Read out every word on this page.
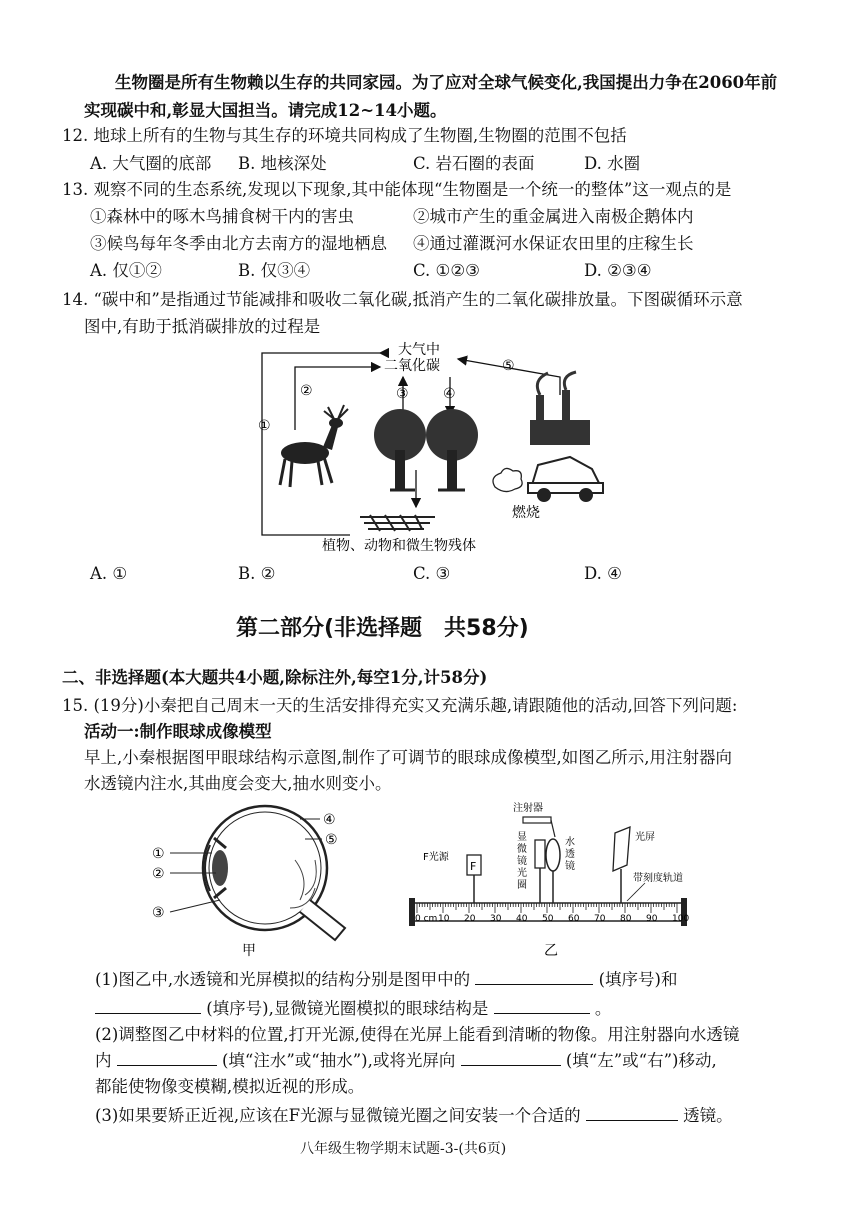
生物圈是所有生物赖以生存的共同家园。为了应对全球气候变化,我国提出力争在2060年前
实现碳中和,彰显大国担当。请完成12~14小题。
12. 地球上所有的生物与其生存的环境共同构成了生物圈,生物圈的范围不包括
A. 大气圈的底部 B. 地核深处	C. 岩石圈的表面	D. 水圈
13. 观察不同的生态系统,发现以下现象,其中能体现“生物圈是一个统一的整体”这一观点的是
①森林中的啄木鸟捕食树干内的害虫	②城市产生的重金属进入南极企鹅体内
③候鸟每年冬季由北方去南方的湿地栖息 ④通过灌溉河水保证农田里的庄稼生长
A. 仅①②	B. 仅③④	C. ①②③	D. ②③④
14. “碳中和”是指通过节能减排和吸收二氧化碳,抵消产生的二氧化碳排放量。下图碳循环示意
图中,有助于抵消碳排放的过程是
大气中
二氧化碳
①
②	③ ④
⑤
植物、动物和微生物残体
燃烧
A. ①	B. ②	C. ③	D. ④
第二部分(非选择题　共58分)
二、非选择题(本大题共4小题,除标注外,每空1分,计58分)
15. (19分)小秦把自己周末一天的生活安排得充实又充满乐趣,请跟随他的活动,回答下列问题:
活动一:制作眼球成像模型
早上,小秦根据图甲眼球结构示意图,制作了可调节的眼球成像模型,如图乙所示,用注射器向
水透镜内注水,其曲度会变大,抽水则变小。
①
②
③
④
⑤
甲
0 cm 10 20 30 40 50 60 70 80 90 100
F
F光源
显微镜光圈
水透镜
注射器
光屏
带刻度轨道
乙
(1)图乙中,水透镜和光屏模拟的结构分别是图甲中的	(填序号)和
(填序号),显微镜光圈模拟的眼球结构是	。
(2)调整图乙中材料的位置,打开光源,使得在光屏上能看到清晰的物像。用注射器向水透镜
内	(填“注水”或“抽水”),或将光屏向	(填“左”或“右”)移动,
都能使物像变模糊,模拟近视的形成。
(3)如果要矫正近视,应该在F光源与显微镜光圈之间安装一个合适的	透镜。
八年级生物学期末试题-3-(共6页)
